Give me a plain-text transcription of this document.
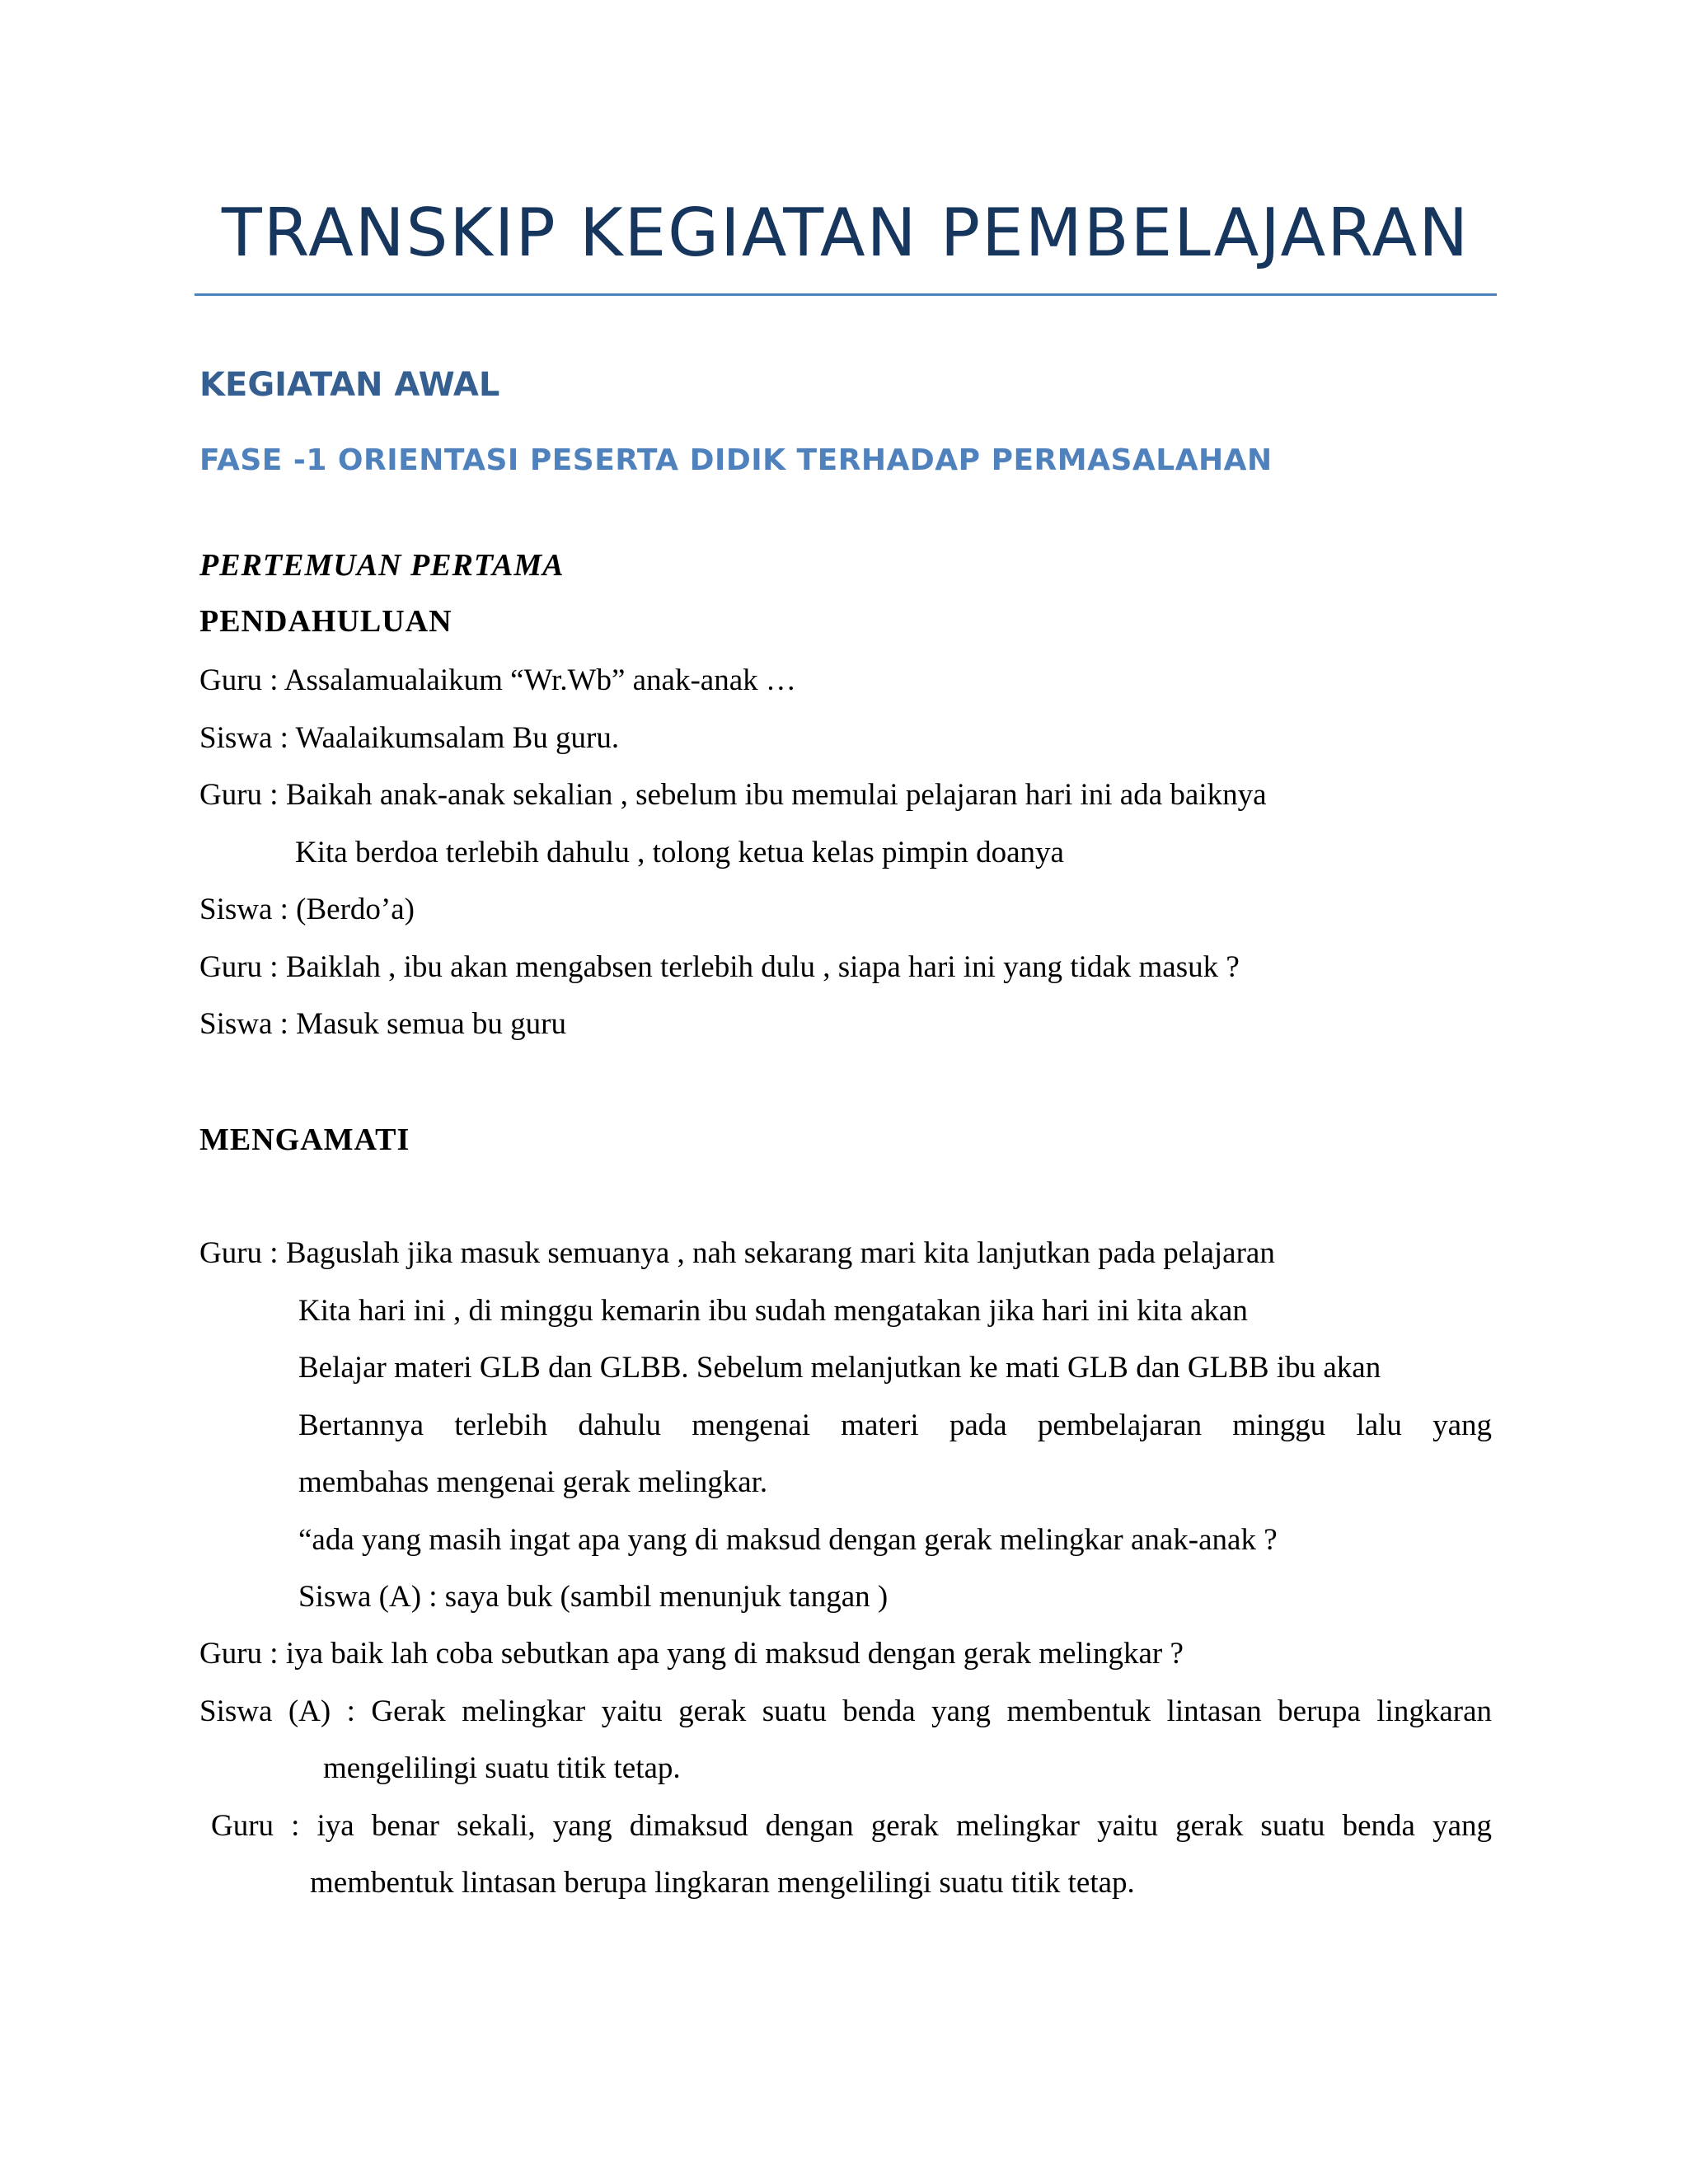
TRANSKIP KEGIATAN PEMBELAJARAN
KEGIATAN AWAL
FASE -1 ORIENTASI PESERTA DIDIK TERHADAP PERMASALAHAN
PERTEMUAN PERTAMA
PENDAHULUAN
Guru : Assalamualaikum “Wr.Wb” anak-anak …
Siswa : Waalaikumsalam Bu guru.
Guru : Baikah anak-anak sekalian , sebelum ibu memulai pelajaran hari ini ada baiknya
Kita berdoa terlebih dahulu , tolong ketua kelas pimpin doanya
Siswa : (Berdo’a)
Guru : Baiklah , ibu akan mengabsen terlebih dulu , siapa hari ini yang tidak masuk ?
Siswa : Masuk semua bu guru
MENGAMATI
Guru : Baguslah jika masuk semuanya , nah sekarang mari kita lanjutkan pada pelajaran
Kita hari ini , di minggu kemarin ibu sudah mengatakan jika hari ini kita akan
Belajar materi GLB dan GLBB. Sebelum melanjutkan ke mati GLB dan GLBB ibu akan
Bertannya terlebih dahulu mengenai materi pada pembelajaran minggu lalu yang
membahas mengenai gerak melingkar.
“ada yang masih ingat apa yang di maksud dengan gerak melingkar anak-anak ?
Siswa (A) : saya buk (sambil menunjuk tangan )
Guru : iya baik lah coba sebutkan apa yang di maksud dengan gerak melingkar ?
Siswa (A) : Gerak melingkar yaitu gerak suatu benda yang membentuk lintasan berupa lingkaran
mengelilingi suatu titik tetap.
Guru : iya benar sekali, yang dimaksud dengan gerak melingkar yaitu gerak suatu benda yang
membentuk lintasan berupa lingkaran mengelilingi suatu titik tetap.
